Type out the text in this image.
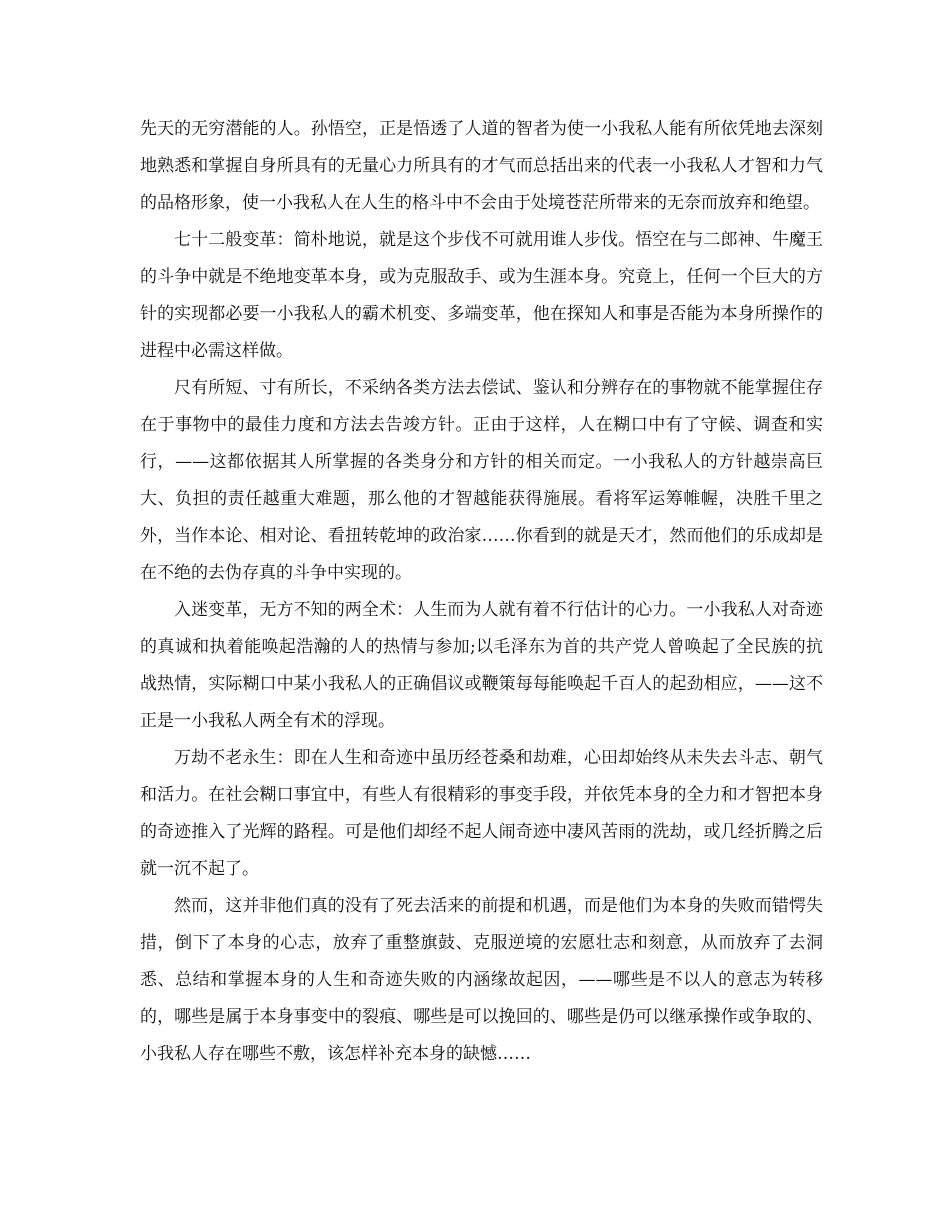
先天的无穷潜能的人。孙悟空，正是悟透了人道的智者为使一小我私人能有所依凭地去深刻地熟悉和掌握自身所具有的无量心力所具有的才气而总括出来的代表一小我私人才智和力气的品格形象，使一小我私人在人生的格斗中不会由于处境苍茫所带来的无奈而放弃和绝望。

七十二般变革：简朴地说，就是这个步伐不可就用谁人步伐。悟空在与二郎神、牛魔王的斗争中就是不绝地变革本身，或为克服敌手、或为生涯本身。究竟上，任何一个巨大的方针的实现都必要一小我私人的霸术机变、多端变革，他在探知人和事是否能为本身所操作的进程中必需这样做。

尺有所短、寸有所长，不采纳各类方法去偿试、鉴认和分辨存在的事物就不能掌握住存在于事物中的最佳力度和方法去告竣方针。正由于这样，人在糊口中有了守候、调查和实行，——这都依据其人所掌握的各类身分和方针的相关而定。一小我私人的方针越崇高巨大、负担的责任越重大难题，那么他的才智越能获得施展。看将军运筹帷幄，决胜千里之外，当作本论、相对论、看扭转乾坤的政治家……你看到的就是天才，然而他们的乐成却是在不绝的去伪存真的斗争中实现的。

入迷变革，无方不知的两全术：人生而为人就有着不行估计的心力。一小我私人对奇迹的真诚和执着能唤起浩瀚的人的热情与参加;以毛泽东为首的共产党人曾唤起了全民族的抗战热情，实际糊口中某小我私人的正确倡议或鞭策每每能唤起千百人的起劲相应，——这不正是一小我私人两全有术的浮现。

万劫不老永生：即在人生和奇迹中虽历经苍桑和劫难，心田却始终从未失去斗志、朝气和活力。在社会糊口事宜中，有些人有很精彩的事变手段，并依凭本身的全力和才智把本身的奇迹推入了光辉的路程。可是他们却经不起人闹奇迹中凄风苦雨的洗劫，或几经折腾之后就一沉不起了。

然而，这并非他们真的没有了死去活来的前提和机遇，而是他们为本身的失败而错愕失措，倒下了本身的心志，放弃了重整旗鼓、克服逆境的宏愿壮志和刻意，从而放弃了去洞悉、总结和掌握本身的人生和奇迹失败的内涵缘故起因，——哪些是不以人的意志为转移的，哪些是属于本身事变中的裂痕、哪些是可以挽回的、哪些是仍可以继承操作或争取的、小我私人存在哪些不敷，该怎样补充本身的缺憾……
